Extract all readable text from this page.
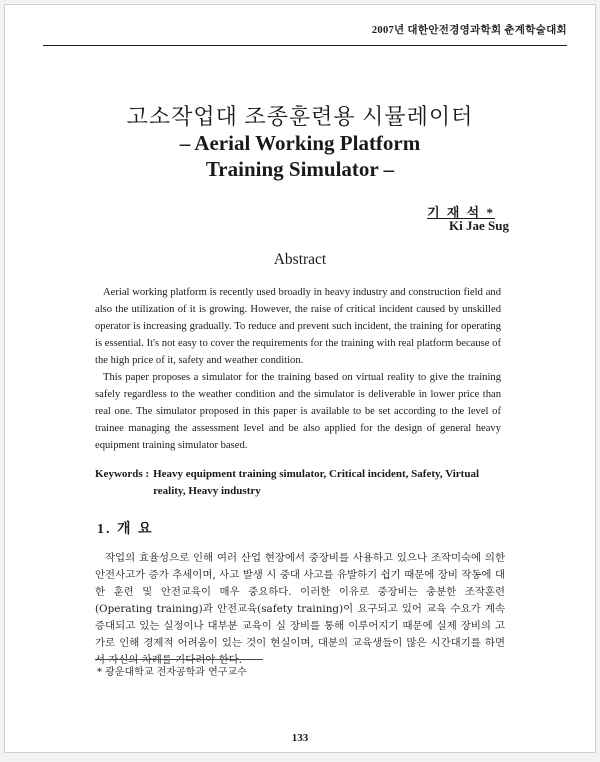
2007년 대한안전경영과학회 춘계학술대회
고소작업대 조종훈련용 시뮬레이터
– Aerial Working Platform
Training Simulator –
기 재 석 *
Ki Jae Sug
Abstract

Aerial working platform is recently used broadly in heavy industry and construction field and also the utilization of it is growing. However, the raise of critical incident caused by unskilled operator is increasing gradually. To reduce and prevent such incident, the training for operating is essential. It's not easy to cover the requirements for the training with real platform because of the high price of it, safety and weather condition.

This paper proposes a simulator for the training based on virtual reality to give the training safely regardless to the weather condition and the simulator is deliverable in lower price than real one. The simulator proposed in this paper is available to be set according to the level of trainee managing the assessment level and be also applied for the design of general heavy equipment training simulator based.

Keywords : Heavy equipment training simulator, Critical incident, Safety, Virtual reality, Heavy industry
1. 개 요

작업의 효율성으로 인해 여러 산업 현장에서 중장비를 사용하고 있으나 조작미숙에 의한 안전사고가 증가 추세이며, 사고 발생 시 중대 사고를 유발하기 쉽기 때문에 장비 작동에 대한 훈련 및 안전교육이 매우 중요하다. 이러한 이유로 중장비는 충분한 조작훈련(Operating training)과 안전교육(safety training)이 요구되고 있어 교육 수요가 계속 증대되고 있는 실정이나 대부분 교육이 실 장비를 통해 이루어지기 때문에 실제 장비의 고가로 인해 경제적 어려움이 있는 것이 현실이며, 대분의 교육생들이 많은 시간대기를 하면서 자신의 차례를 기다려야 한다.

* 광운대학교 전자공학과 연구교수
133
